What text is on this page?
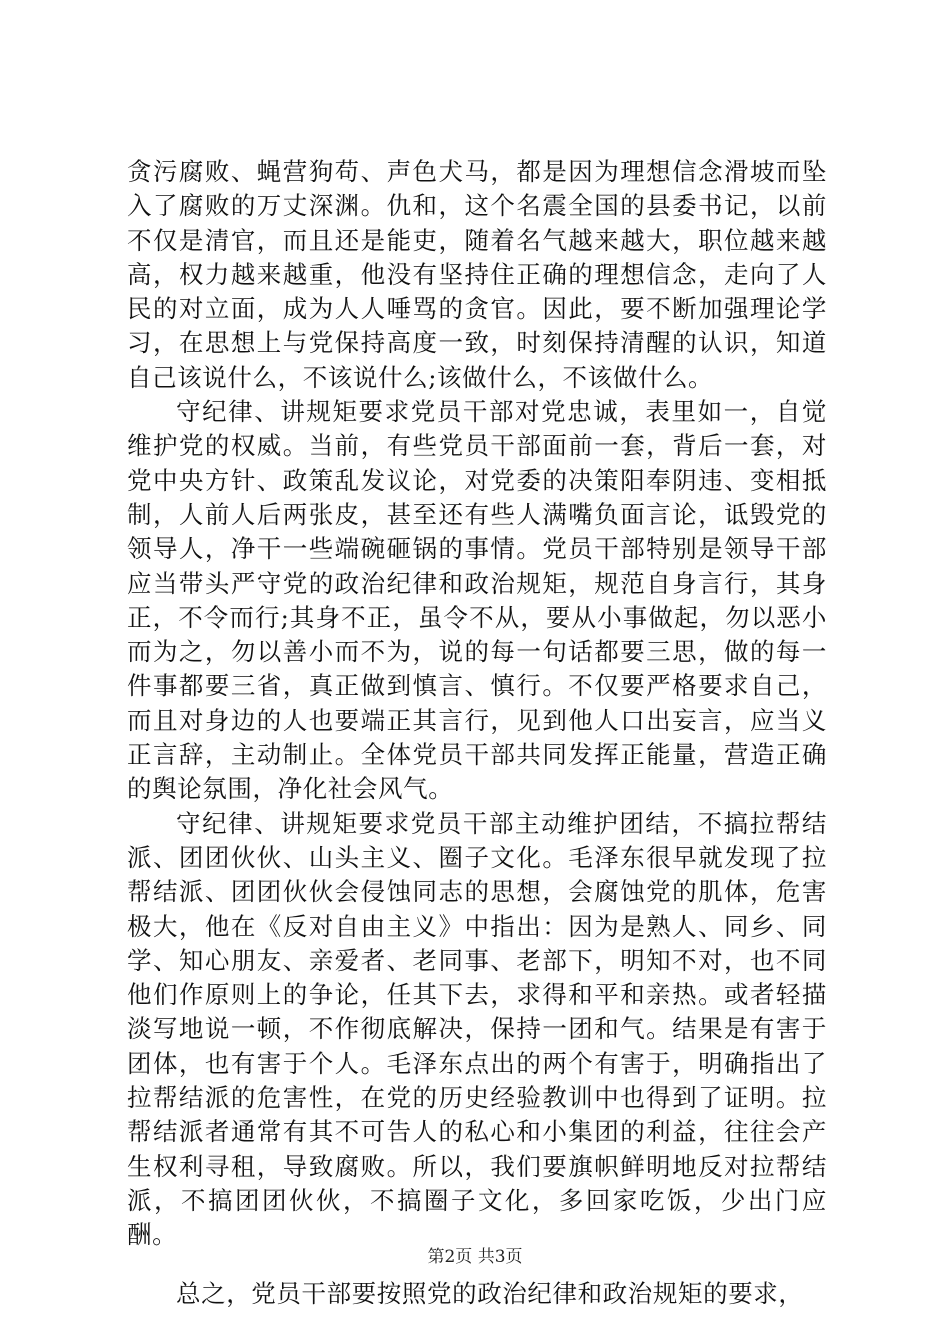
贪污腐败、蝇营狗苟、声色犬马，都是因为理想信念滑坡而坠入了腐败的万丈深渊。仇和，这个名震全国的县委书记，以前不仅是清官，而且还是能吏，随着名气越来越大，职位越来越高，权力越来越重，他没有坚持住正确的理想信念，走向了人民的对立面，成为人人唾骂的贪官。因此，要不断加强理论学习，在思想上与党保持高度一致，时刻保持清醒的认识，知道自己该说什么，不该说什么;该做什么，不该做什么。

守纪律、讲规矩要求党员干部对党忠诚，表里如一，自觉维护党的权威。当前，有些党员干部面前一套，背后一套，对党中央方针、政策乱发议论，对党委的决策阳奉阴违、变相抵制，人前人后两张皮，甚至还有些人满嘴负面言论，诋毁党的领导人，净干一些端碗砸锅的事情。党员干部特别是领导干部应当带头严守党的政治纪律和政治规矩，规范自身言行，其身正，不令而行;其身不正，虽令不从，要从小事做起，勿以恶小而为之，勿以善小而不为，说的每一句话都要三思，做的每一件事都要三省，真正做到慎言、慎行。不仅要严格要求自己，而且对身边的人也要端正其言行，见到他人口出妄言，应当义正言辞，主动制止。全体党员干部共同发挥正能量，营造正确的舆论氛围，净化社会风气。

守纪律、讲规矩要求党员干部主动维护团结，不搞拉帮结派、团团伙伙、山头主义、圈子文化。毛泽东很早就发现了拉帮结派、团团伙伙会侵蚀同志的思想，会腐蚀党的肌体，危害极大，他在《反对自由主义》中指出：因为是熟人、同乡、同学、知心朋友、亲爱者、老同事、老部下，明知不对，也不同他们作原则上的争论，任其下去，求得和平和亲热。或者轻描淡写地说一顿，不作彻底解决，保持一团和气。结果是有害于团体，也有害于个人。毛泽东点出的两个有害于，明确指出了拉帮结派的危害性，在党的历史经验教训中也得到了证明。拉帮结派者通常有其不可告人的私心和小集团的利益，往往会产生权利寻租，导致腐败。所以，我们要旗帜鲜明地反对拉帮结派，不搞团团伙伙，不搞圈子文化，多回家吃饭，少出门应酬。

总之，党员干部要按照党的政治纪律和政治规矩的要求，

第2页 共3页
